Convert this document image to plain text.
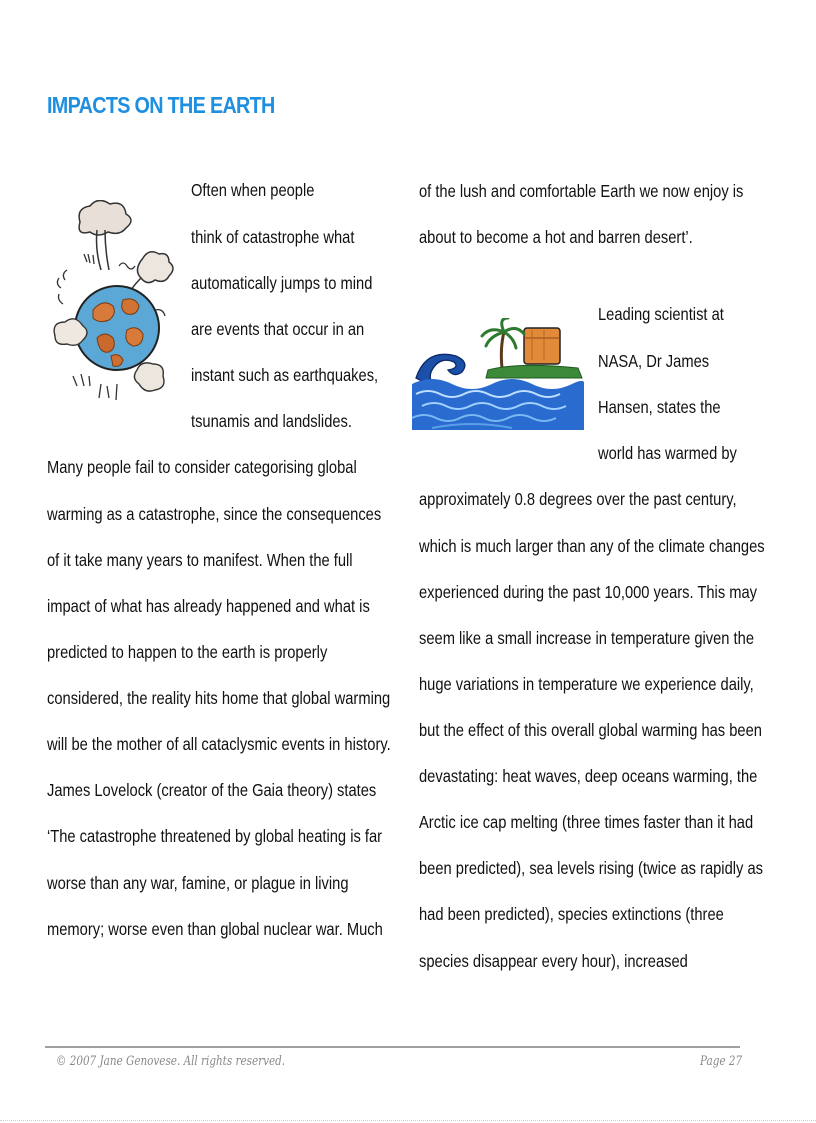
IMPACTS ON THE EARTH
Often when people
think of catastrophe what
automatically jumps to mind
are events that occur in an
instant such as earthquakes,
tsunamis and landslides.
Many people fail to consider categorising global
warming as a catastrophe, since the consequences
of it take many years to manifest. When the full
impact of what has already happened and what is
predicted to happen to the earth is properly
considered, the reality hits home that global warming
will be the mother of all cataclysmic events in history.
James Lovelock (creator of the Gaia theory) states
‘The catastrophe threatened by global heating is far
worse than any war, famine, or plague in living
memory; worse even than global nuclear war. Much
of the lush and comfortable Earth we now enjoy is
about to become a hot and barren desert’.
Leading scientist at
NASA, Dr James
Hansen, states the
world has warmed by
approximately 0.8 degrees over the past century,
which is much larger than any of the climate changes
experienced during the past 10,000 years. This may
seem like a small increase in temperature given the
huge variations in temperature we experience daily,
but the effect of this overall global warming has been
devastating: heat waves, deep oceans warming, the
Arctic ice cap melting (three times faster than it had
been predicted), sea levels rising (twice as rapidly as
had been predicted), species extinctions (three
species disappear every hour), increased
© 2007 Jane Genovese. All rights reserved.	Page 27
